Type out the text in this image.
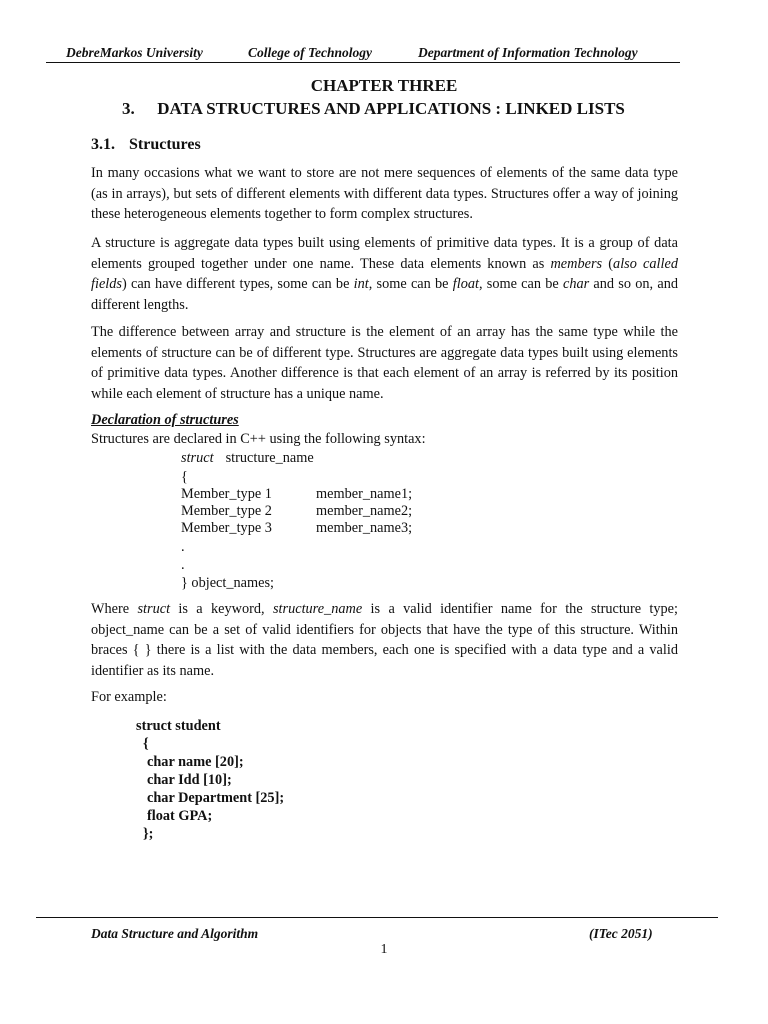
DebreMarkos University	College of Technology	Department of Information Technology
CHAPTER THREE
3. DATA STRUCTURES AND APPLICATIONS : LINKED LISTS
3.1. Structures

In many occasions what we want to store are not mere sequences of elements of the same data type (as in arrays), but sets of different elements with different data types. Structures offer a way of joining these heterogeneous elements together to form complex structures.

A structure is aggregate data types built using elements of primitive data types. It is a group of data elements grouped together under one name. These data elements known as members (also called fields) can have different types, some can be int, some can be float, some can be char and so on, and different lengths.

The difference between array and structure is the element of an array has the same type while the elements of structure can be of different type. Structures are aggregate data types built using elements of primitive data types. Another difference is that each element of an array is referred by its position while each element of structure has a unique name.

Declaration of structures
Structures are declared in C++ using the following syntax:
struct structure_name
{
Member_type 1	member_name1;
Member_type 2	member_name2;
Member_type 3	member_name3;
.
.
} object_names;

Where struct is a keyword, structure_name is a valid identifier name for the structure type; object_name can be a set of valid identifiers for objects that have the type of this structure. Within braces { } there is a list with the data members, each one is specified with a data type and a valid identifier as its name.

For example:
struct student
{
char name [20];
char Idd [10];
char Department [25];
float GPA;
};
Data Structure and Algorithm	(ITec 2051)
1
